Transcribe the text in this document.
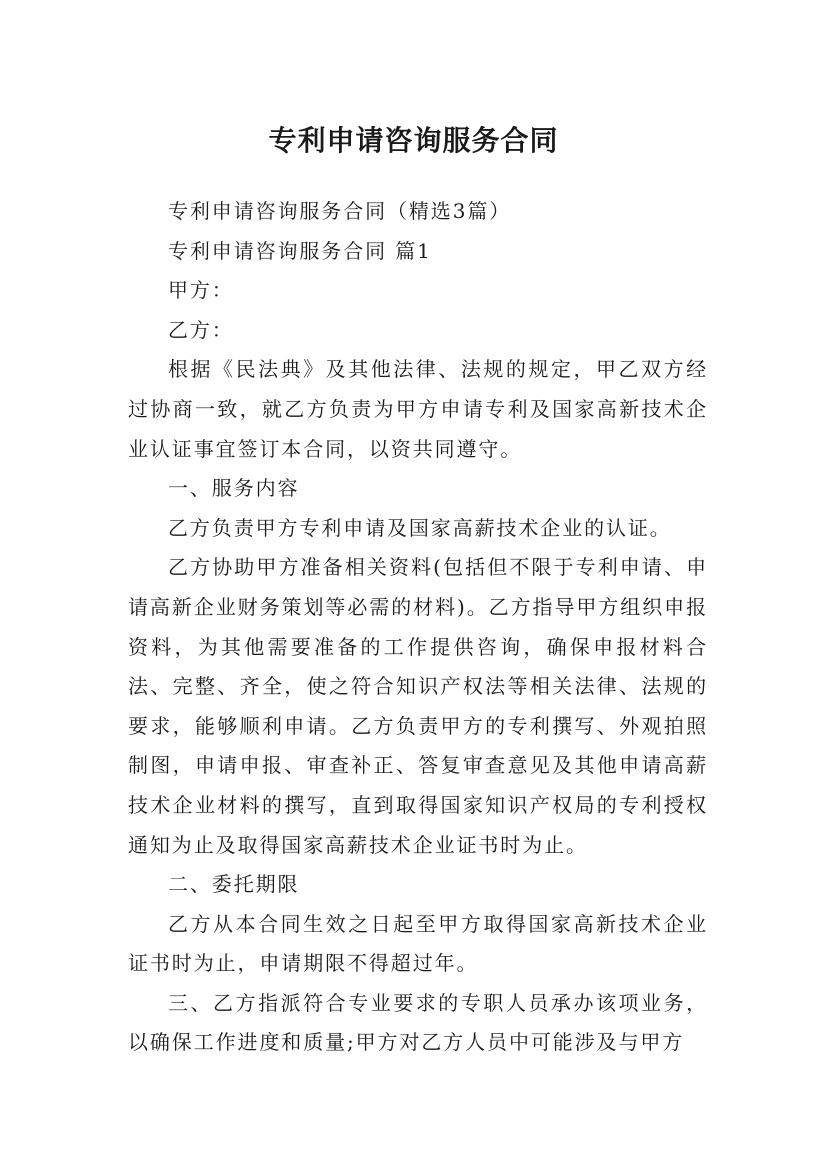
专利申请咨询服务合同

专利申请咨询服务合同（精选3篇）

专利申请咨询服务合同 篇1

甲方：

乙方：

根据《民法典》及其他法律、法规的规定，甲乙双方经过协商一致，就乙方负责为甲方申请专利及国家高新技术企业认证事宜签订本合同，以资共同遵守。

一、服务内容

乙方负责甲方专利申请及国家高薪技术企业的认证。

乙方协助甲方准备相关资料(包括但不限于专利申请、申请高新企业财务策划等必需的材料)。乙方指导甲方组织申报资料，为其他需要准备的工作提供咨询，确保申报材料合法、完整、齐全，使之符合知识产权法等相关法律、法规的要求，能够顺利申请。乙方负责甲方的专利撰写、外观拍照制图，申请申报、审查补正、答复审查意见及其他申请高薪技术企业材料的撰写，直到取得国家知识产权局的专利授权通知为止及取得国家高薪技术企业证书时为止。

二、委托期限

乙方从本合同生效之日起至甲方取得国家高新技术企业证书时为止，申请期限不得超过年。

三、乙方指派符合专业要求的专职人员承办该项业务，以确保工作进度和质量;甲方对乙方人员中可能涉及与甲方
